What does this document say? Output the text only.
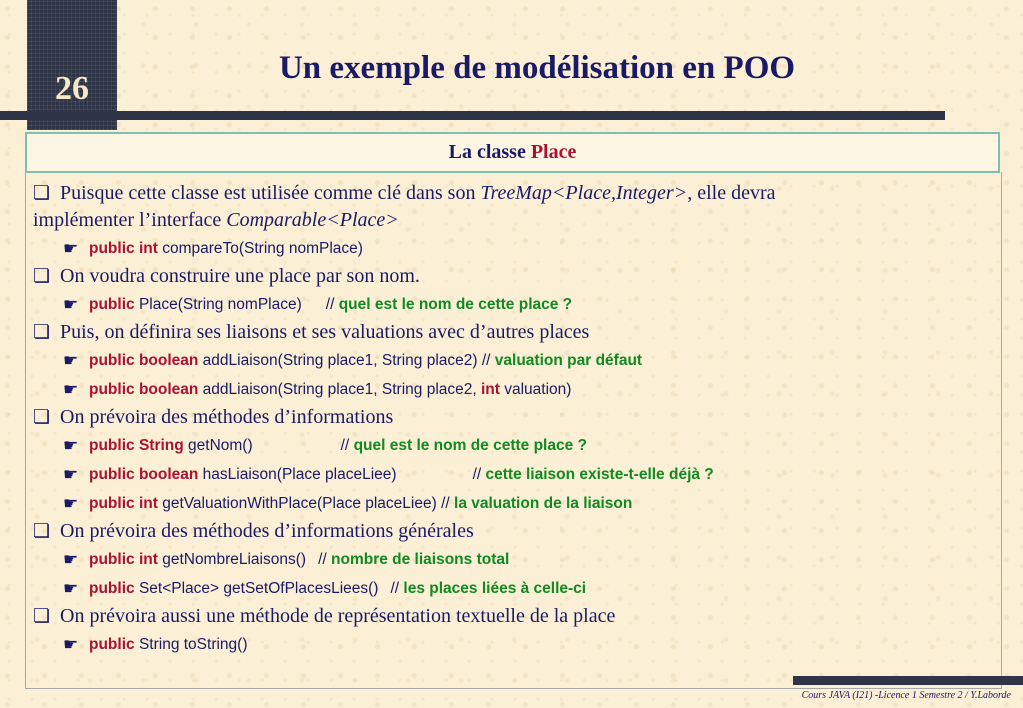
26
Un exemple de modélisation en POO
La classe Place
❏ Puisque cette classe est utilisée comme clé dans son TreeMap<Place,Integer>, elle devra
implémenter l’interface Comparable<Place>
☛ public int compareTo(String nomPlace)
❏ On voudra construire une place par son nom.
☛ public Place(String nomPlace) // quel est le nom de cette place ?
❏ Puis, on définira ses liaisons et ses valuations avec d’autres places
☛ public boolean addLiaison(String place1, String place2) // valuation par défaut
☛ public boolean addLiaison(String place1, String place2, int valuation)
❏ On prévoira des méthodes d’informations
☛ public String getNom()	// quel est le nom de cette place ?
☛ public boolean hasLiaison(Place placeLiee)	// cette liaison existe-t-elle déjà ?
☛ public int getValuationWithPlace(Place placeLiee) // la valuation de la liaison
❏ On prévoira des méthodes d’informations générales
☛ public int getNombreLiaisons() // nombre de liaisons total
☛ public Set<Place> getSetOfPlacesLiees() // les places liées à celle-ci
❏ On prévoira aussi une méthode de représentation textuelle de la place
☛ public String toString()
Cours JAVA (I21) -Licence 1 Semestre 2 / Y.Laborde
